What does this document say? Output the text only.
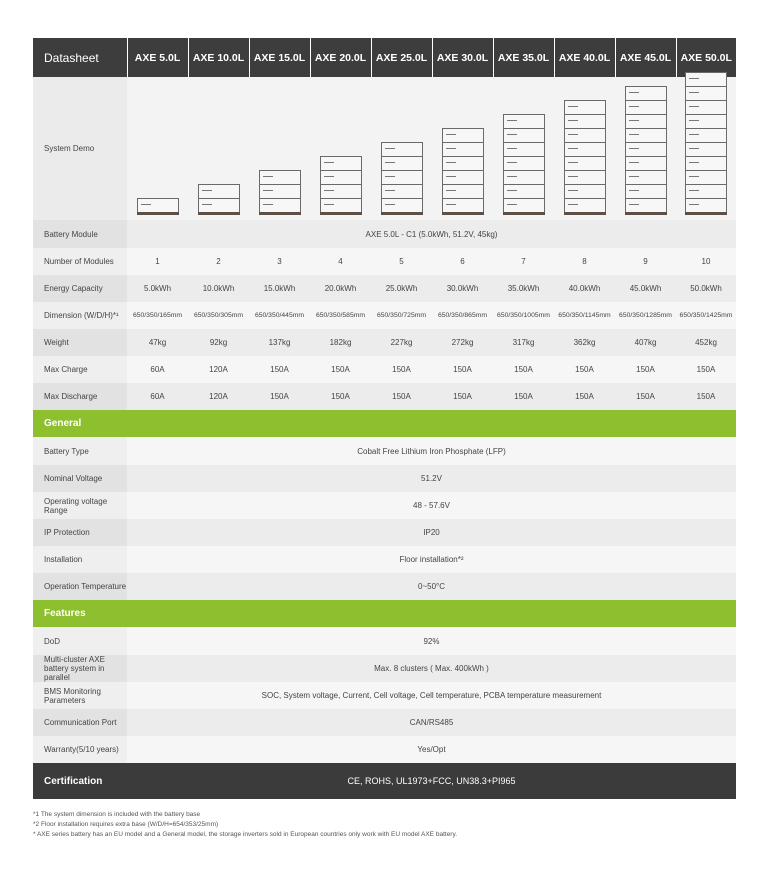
Datasheet	AXE 5.0L	AXE 10.0L	AXE 15.0L	AXE 20.0L	AXE 25.0L	AXE 30.0L	AXE 35.0L	AXE 40.0L	AXE 45.0L	AXE 50.0L
System Demo	

Battery Module	AXE 5.0L - C1 (5.0kWh, 51.2V, 45kg)									
Number of Modules	1	2	3	4	5	6	7	8	9	10
Energy Capacity	5.0kWh	10.0kWh	15.0kWh	20.0kWh	25.0kWh	30.0kWh	35.0kWh	40.0kWh	45.0kWh	50.0kWh
Dimension (W/D/H)*¹	650/350/165mm	650/350/305mm	650/350/445mm	650/350/585mm	650/350/725mm	650/350/865mm	650/350/1005mm	650/350/1145mm	650/350/1285mm	650/350/1425mm
Weight	47kg	92kg	137kg	182kg	227kg	272kg	317kg	362kg	407kg	452kg
Max Charge	60A	120A	150A	150A	150A	150A	150A	150A	150A	150A
Max Discharge	60A	120A	150A	150A	150A	150A	150A	150A	150A	150A
General										
Battery Type	Cobalt Free Lithium Iron Phosphate (LFP)									
Nominal Voltage	51.2V									
Operating voltage Range	48 - 57.6V									
IP Protection	IP20									
Installation	Floor installation*²									
Operation Temperature	0~50°C									
Features										
DoD	92%									
Multi-cluster AXE battery system in parallel	Max. 8 clusters ( Max. 400kWh )									
BMS Monitoring Parameters	SOC, System voltage, Current, Cell voltage, Cell temperature, PCBA temperature measurement									
Communication Port	CAN/RS485									
Warranty(5/10 years)	Yes/Opt									
Certification	CE, ROHS, UL1973+FCC, UN38.3+PI965									
*1 The system dimension is included with the battery base
*2 Floor installation requires extra base (W/D/H=654/353/25mm)
* AXE series battery has an EU model and a General model, the storage inverters sold in European countries only work with EU model AXE battery.
